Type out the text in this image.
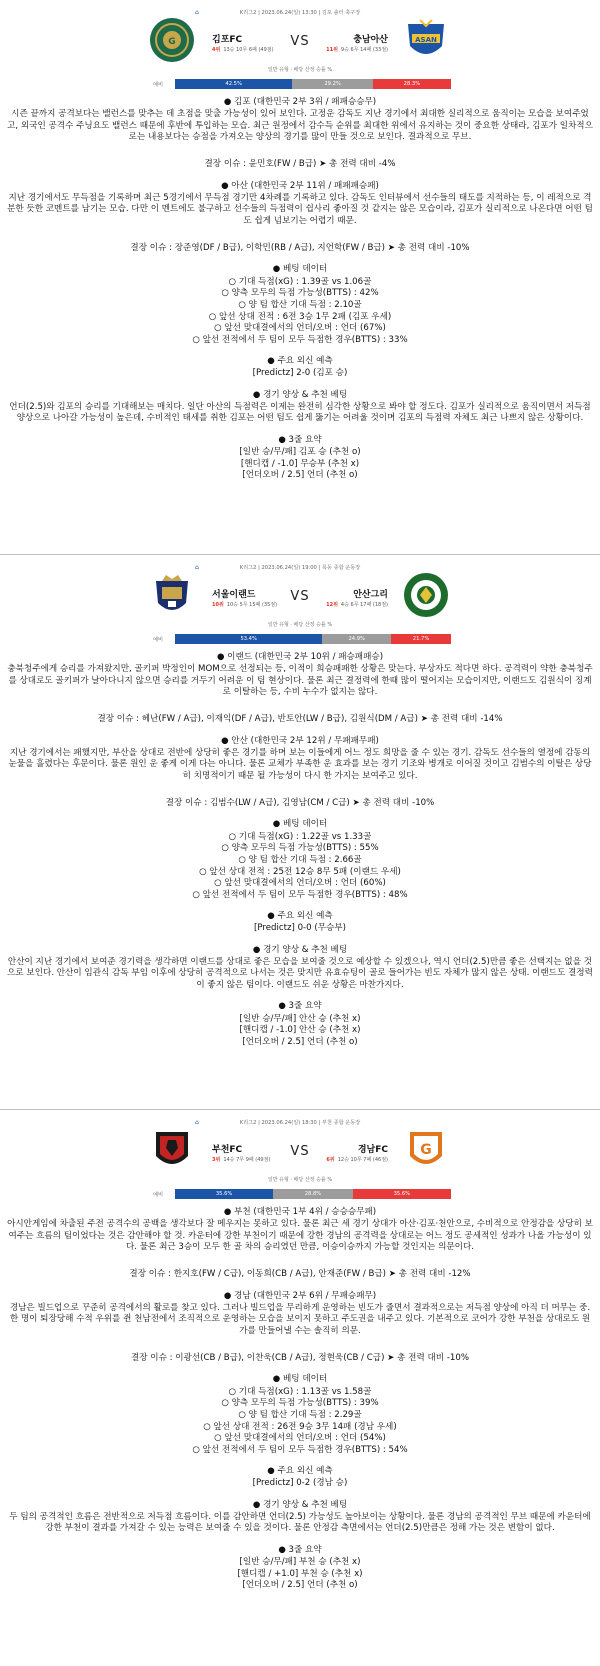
K리그2 | 2023.06.24(일) 13:30 | 김포 솔터 축구장
⌂
G	김포FC
4위 13승 10무 6패 (49점)
VS	충남아산
11위 9승 6무 14패 (33점)
ASAN
일반 유형 · 배당 산정 승률 %
예비	42.5%	29.2%	28.3%
● 김포 (대한민국 2부 3위 / 패패승승무)
시즌 끝까지 공격보다는 밸런스를 맞추는 데 초점을 맞출 가능성이 있어 보인다. 고정운 감독도 지난 경기에서 최대한 실리적으로 움직이는 모습을 보여주었고, 외국인 공격수 주닝요도 밸런스 때문에 후반에 투입하는 모습. 최근 원정에서 감수득 순위를 최대한 위에서 유지하는 것이 중요한 상태라, 김포가 일차적으로는 내용보다는 승점을 가져오는 양상의 경기를 많이 만들 것으로 보인다. 결과적으로 무브.
결장 이슈 : 윤민호(FW / B급) ➤ 총 전력 대비 -4%
● 아산 (대한민국 2부 11위 / 패패패승패)
지난 경기에서도 무득점을 기록하며 최근 5경기에서 무득점 경기만 4차례를 기록하고 있다. 감독도 인터뷰에서 선수들의 태도를 지적하는 등, 이 레적으로 격분한 듯한 코멘트를 남기는 모습. 다만 이 멘트에도 불구하고 선수들의 득점력이 쉽사리 좋아질 것 같지는 않은 모습이라, 김포가 실리적으로 나온다면 어떤 팀도 쉽게 넘보기는 어렵기 때문.
결장 이슈 : 장준영(DF / B급), 이학민(RB / A급), 지언학(FW / B급) ➤ 총 전력 대비 -10%
● 베팅 데이터
○ 기대 득점(xG) : 1.39골 vs 1.06골
○ 양측 모두의 득점 가능성(BTTS) : 42%
○ 양 팀 합산 기대 득점 : 2.10골
○ 앞선 상대 전적 : 6전 3승 1무 2패 (김포 우세)
○ 앞선 맞대결에서의 언더/오버 : 언더 (67%)
○ 앞선 전적에서 두 팀이 모두 득점한 경우(BTTS) : 33%
● 주요 외신 예측
[Predictz] 2-0 (김포 승)
● 경기 양상 & 추천 베팅
언더(2.5)와 김포의 승리를 기대해보는 매치다. 일단 아산의 득점력은 이제는 완전히 심각한 상황으로 봐야 할 정도다. 김포가 실리적으로 움직이면서 저득점 양상으로 나아갈 가능성이 높은데, 수비적인 태세를 취한 김포는 어떤 팀도 쉽게 뚫기는 어려울 것이며 김포의 득점력 자체도 최근 나쁘지 않은 상황이다.
● 3줄 요약
[일반 승/무/패] 김포 승 (추천 o)
[핸디캡 / -1.0] 무승부 (추천 x)
[언더오버 / 2.5] 언더 (추천 o)
K리그2 | 2023.06.24(일) 19:00 | 목동 종합 운동장
⌂
서울이랜드
10위 10승 5무 15패 (35점)
VS	안산그리
12위 4승 6무 17패 (18점)
일반 유형 · 배당 산정 승률 %
예비	53.4%	24.9%	21.7%
● 이랜드 (대한민국 2부 10위 / 패승패패승)
충북청주에게 승리를 가져왔지만, 골키퍼 박정인이 MOM으로 선정되는 등, 이적이 희승패패한 상황은 맞는다. 부상자도 적다면 하다. 공격력이 약한 충북청주를 상대로도 골키퍼가 날아다니지 않으면 승리를 거두기 어려운 이 팀 현상이다. 물론 최근 결정력에 한때 많이 떨어지는 모습이지만, 이랜드도 김원식이 징계로 이탈하는 등, 수비 누수가 없지는 않다.
결장 이슈 : 헤난(FW / A급), 이재익(DF / A급), 반토안(LW / B급), 김원식(DM / A급) ➤ 총 전력 대비 -14%
● 안산 (대한민국 2부 12위 / 무패패무패)
지난 경기에서는 패했지만, 부산을 상대로 전반에 상당히 좋은 경기를 하며 보는 이들에게 어느 정도 희망을 줄 수 있는 경기. 감독도 선수들의 열정에 감동의 눈물을 흘렸다는 후문이다. 물론 원인 운 좋게 이게 다는 아니다. 물론 교체가 부족한 운 효과를 보는 경기 기조와 병개로 이어질 것이고 김범수의 이탈은 상당히 치명적이기 때문 될 가능성이 다시 한 가지는 보여주고 있다.
결장 이슈 : 김범수(LW / A급), 김영남(CM / C급) ➤ 총 전력 대비 -10%
● 베팅 데이터
○ 기대 득점(xG) : 1.22골 vs 1.33골
○ 양측 모두의 득점 가능성(BTTS) : 55%
○ 양 팀 합산 기대 득점 : 2.66골
○ 앞선 상대 전적 : 25전 12승 8무 5패 (이랜드 우세)
○ 앞선 맞대결에서의 언더/오버 : 언더 (60%)
○ 앞선 전적에서 두 팀이 모두 득점한 경우(BTTS) : 48%
● 주요 외신 예측
[Predictz] 0-0 (무승부)
● 경기 양상 & 추천 베팅
안산이 지난 경기에서 보여준 경기력을 생각하면 이랜드를 상대로 좋은 모습을 보여줄 것으로 예상할 수 있겠으나, 역시 언더(2.5)만큼 좋은 선택지는 없을 것으로 보인다. 안산이 임관식 감독 부임 이후에 상당히 공격적으로 나서는 것은 맞지만 유효슈팅이 골로 들어가는 빈도 자체가 많지 않은 상태. 이랜드도 결정력이 좋지 않은 팀이다. 이랜드도 쉬운 상황은 마찬가지다.
● 3줄 요약
[일반 승/무/패] 안산 승 (추천 x)
[핸디캡 / -1.0] 안산 승 (추천 x)
[언더오버 / 2.5] 언더 (추천 o)
K리그2 | 2023.06.24(일) 18:30 | 부천 종합 운동장
⌂
부천FC
3위 14승 7무 9패 (49점)
VS	경남FC
6위 12승 10무 7패 (46점)
G
일반 유형 · 배당 산정 승률 %
예비	35.6%	28.8%	35.6%
● 부천 (대한민국 1부 4위 / 승승승무패)
아시안게임에 차출된 주전 공격수의 공백을 생각보다 잘 메우지는 못하고 있다. 물론 최근 세 경기 상대가 아산·김포·천안으로, 수비적으로 안정감을 상당히 보여주는 흐름의 팀이었다는 것은 감안해야 할 것. 카운터에 강한 부천이기 때문에 강한 경남의 공격력을 상대로는 어느 정도 공세적인 성과가 나올 가능성이 있다. 물론 최근 3승이 모두 한 골 차의 승리였던 만큼, 이승이승까지 가능할 것인지는 의문이다.
결장 이슈 : 한지호(FW / C급), 이동희(CB / A급), 안재준(FW / B급) ➤ 총 전력 대비 -12%
● 경남 (대한민국 2부 6위 / 무패승패무)
경남은 빌드업으로 꾸준히 공격에서의 활로를 찾고 있다. 그러나 빌드업을 무리하게 운영하는 빈도가 줄면서 결과적으로는 저득점 양상에 아직 더 머무는 중. 한 명이 퇴장당해 수적 우위를 쥔 천남전에서 조직적으로 운영하는 모습을 보이지 못하고 주도권을 내주고 있다. 기본적으로 코어가 강한 부천을 상대로도 원가를 만들어낼 수는 솔직히 의문.
결장 이슈 : 이광선(CB / B급), 이찬욱(CB / A급), 정현욱(CB / C급) ➤ 총 전력 대비 -10%
● 베팅 데이터
○ 기대 득점(xG) : 1.13골 vs 1.58골
○ 양측 모두의 득점 가능성(BTTS) : 39%
○ 양 팀 합산 기대 득점 : 2.29골
○ 앞선 상대 전적 : 26전 9승 3무 14패 (경남 우세)
○ 앞선 맞대결에서의 언더/오버 : 언더 (54%)
○ 앞선 전적에서 두 팀이 모두 득점한 경우(BTTS) : 54%
● 주요 외신 예측
[Predictz] 0-2 (경남 승)
● 경기 양상 & 추천 베팅
두 팀의 공격적인 흐름은 전반적으로 저득점 흐름이다. 이를 감안하면 언더(2.5) 가능성도 높아보이는 상황이다. 물론 경남의 공격적인 무브 때문에 카운터에 강한 부천이 결과를 가져갈 수 있는 능력은 보여줄 수 있을 것이다. 물론 안정감 측면에서는 언더(2.5)만큼은 정해 가는 것은 변함이 없다.
● 3줄 요약
[일반 승/무/패] 부천 승 (추천 x)
[핸디캡 / +1.0] 부천 승 (추천 x)
[언더오버 / 2.5] 언더 (추천 o)
